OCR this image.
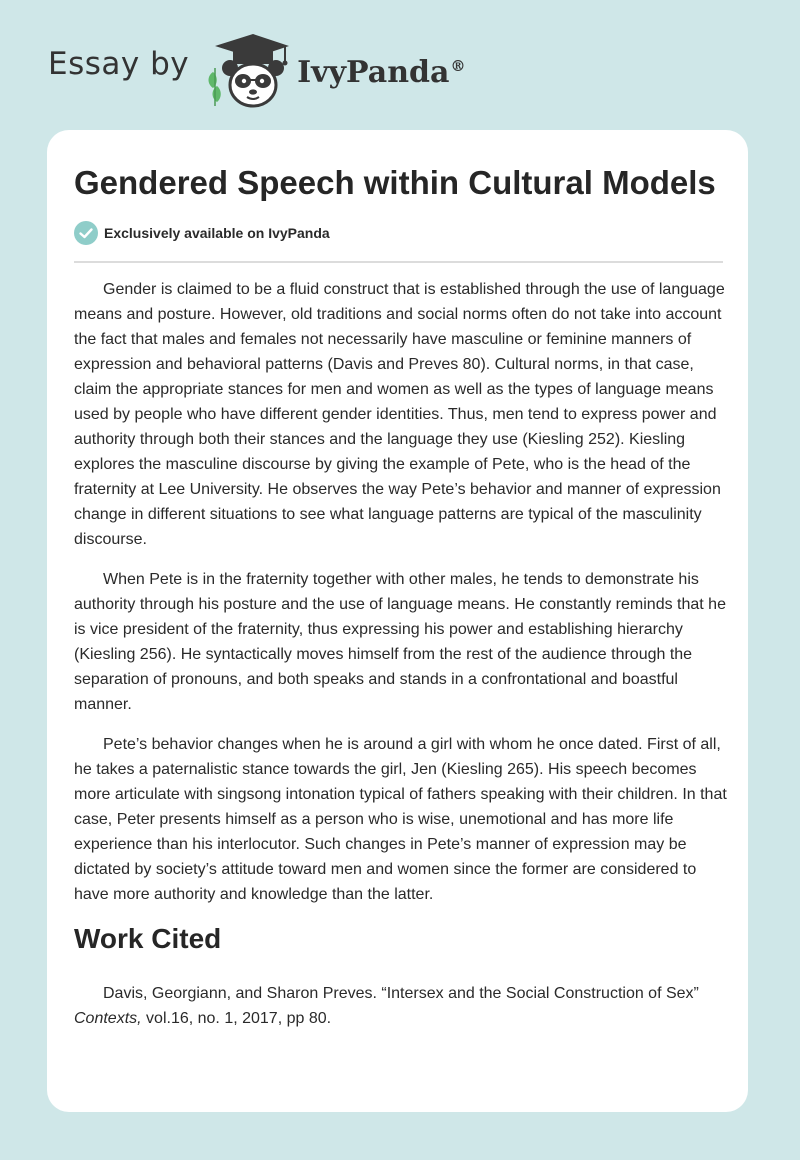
Essay by	IvyPanda®
Gendered Speech within Cultural Models
Exclusively available on IvyPanda

Gender is claimed to be a fluid construct that is established through the use of language means and posture. However, old traditions and social norms often do not take into account the fact that males and females not necessarily have masculine or feminine manners of expression and behavioral patterns (Davis and Preves 80). Cultural norms, in that case, claim the appropriate stances for men and women as well as the types of language means used by people who have different gender identities. Thus, men tend to express power and authority through both their stances and the language they use (Kiesling 252). Kiesling explores the masculine discourse by giving the example of Pete, who is the head of the fraternity at Lee University. He observes the way Pete’s behavior and manner of expression change in different situations to see what language patterns are typical of the masculinity discourse.

When Pete is in the fraternity together with other males, he tends to demonstrate his authority through his posture and the use of language means. He constantly reminds that he is vice president of the fraternity, thus expressing his power and establishing hierarchy (Kiesling 256). He syntactically moves himself from the rest of the audience through the separation of pronouns, and both speaks and stands in a confrontational and boastful manner.

Pete’s behavior changes when he is around a girl with whom he once dated. First of all, he takes a paternalistic stance towards the girl, Jen (Kiesling 265). His speech becomes more articulate with singsong intonation typical of fathers speaking with their children. In that case, Peter presents himself as a person who is wise, unemotional and has more life experience than his interlocutor. Such changes in Pete’s manner of expression may be dictated by society’s attitude toward men and women since the former are considered to have more authority and knowledge than the latter.

Work Cited

Davis, Georgiann, and Sharon Preves. “Intersex and the Social Construction of Sex” Contexts, vol.16, no. 1, 2017, pp 80.
